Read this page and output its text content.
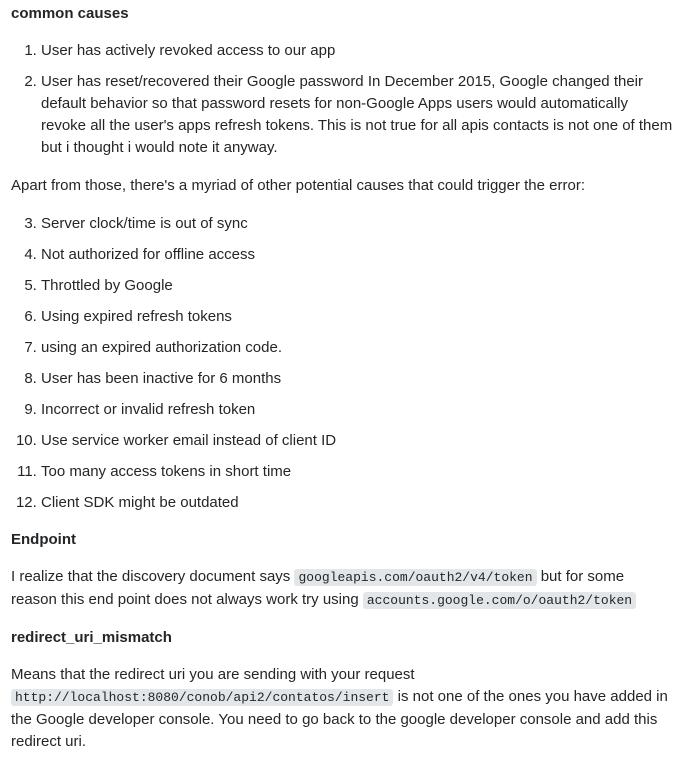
common causes
1. User has actively revoked access to our app
2. User has reset/recovered their Google password In December 2015, Google changed their default behavior so that password resets for non-Google Apps users would automatically revoke all the user's apps refresh tokens. This is not true for all apis contacts is not one of them but i thought i would note it anyway.

Apart from those, there's a myriad of other potential causes that could trigger the error:

3. Server clock/time is out of sync
4. Not authorized for offline access
5. Throttled by Google
6. Using expired refresh tokens
7. using an expired authorization code.
8. User has been inactive for 6 months
9. Incorrect or invalid refresh token
10. Use service worker email instead of client ID
11. Too many access tokens in short time
12. Client SDK might be outdated
Endpoint

I realize that the discovery document says googleapis.com/oauth2/v4/token but for some reason this end point does not always work try using accounts.google.com/o/oauth2/token

redirect_uri_mismatch

Means that the redirect uri you are sending with your request http://localhost:8080/conob/api2/contatos/insert is not one of the ones you have added in the Google developer console. You need to go back to the google developer console and add this redirect uri.
